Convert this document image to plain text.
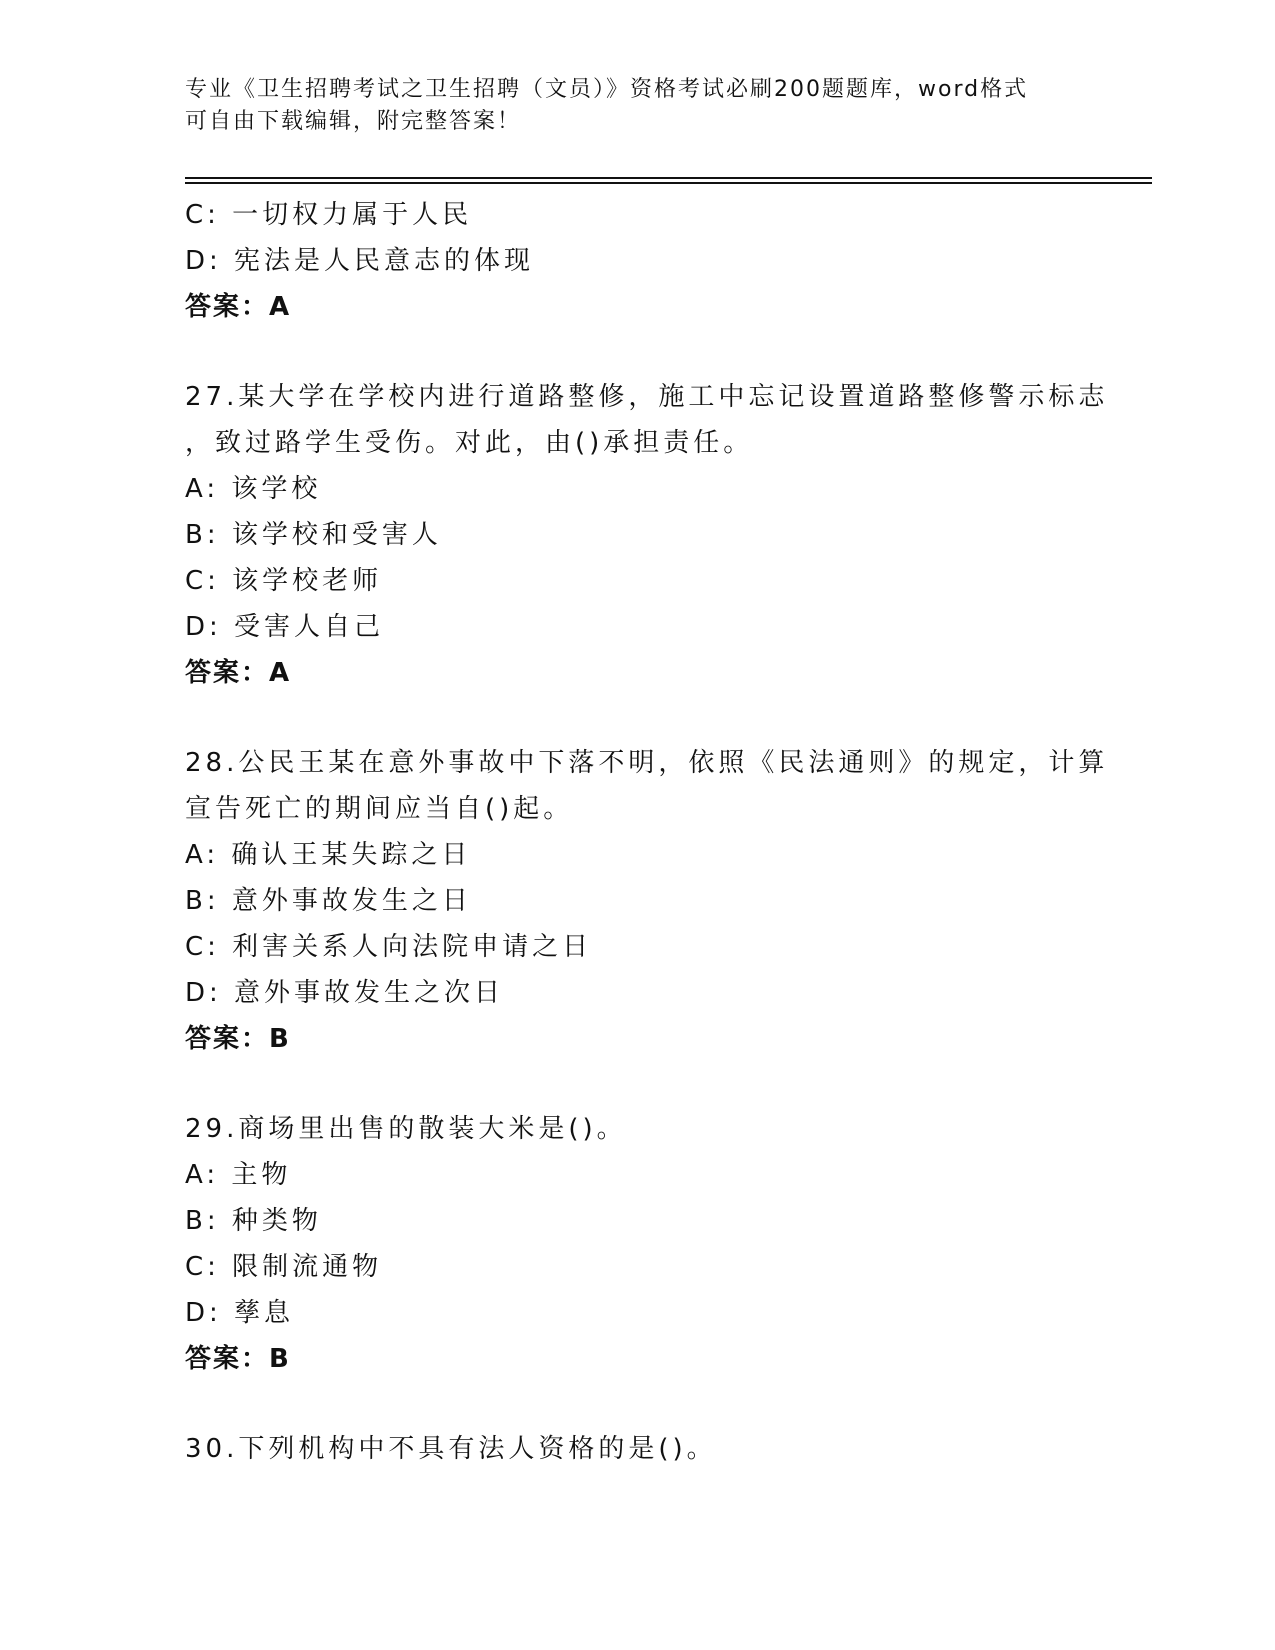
专业《卫生招聘考试之卫生招聘（文员）》资格考试必刷200题题库，word格式
可自由下载编辑，附完整答案！
C: 一切权力属于人民
D: 宪法是人民意志的体现
答案：A
27.某大学在学校内进行道路整修，施工中忘记设置道路整修警示标志
，致过路学生受伤。对此，由()承担责任。
A: 该学校
B: 该学校和受害人
C: 该学校老师
D: 受害人自己
答案：A
28.公民王某在意外事故中下落不明，依照《民法通则》的规定，计算
宣告死亡的期间应当自()起。
A: 确认王某失踪之日
B: 意外事故发生之日
C: 利害关系人向法院申请之日
D: 意外事故发生之次日
答案：B
29.商场里出售的散装大米是()。
A: 主物
B: 种类物
C: 限制流通物
D: 孳息
答案：B
30.下列机构中不具有法人资格的是()。
